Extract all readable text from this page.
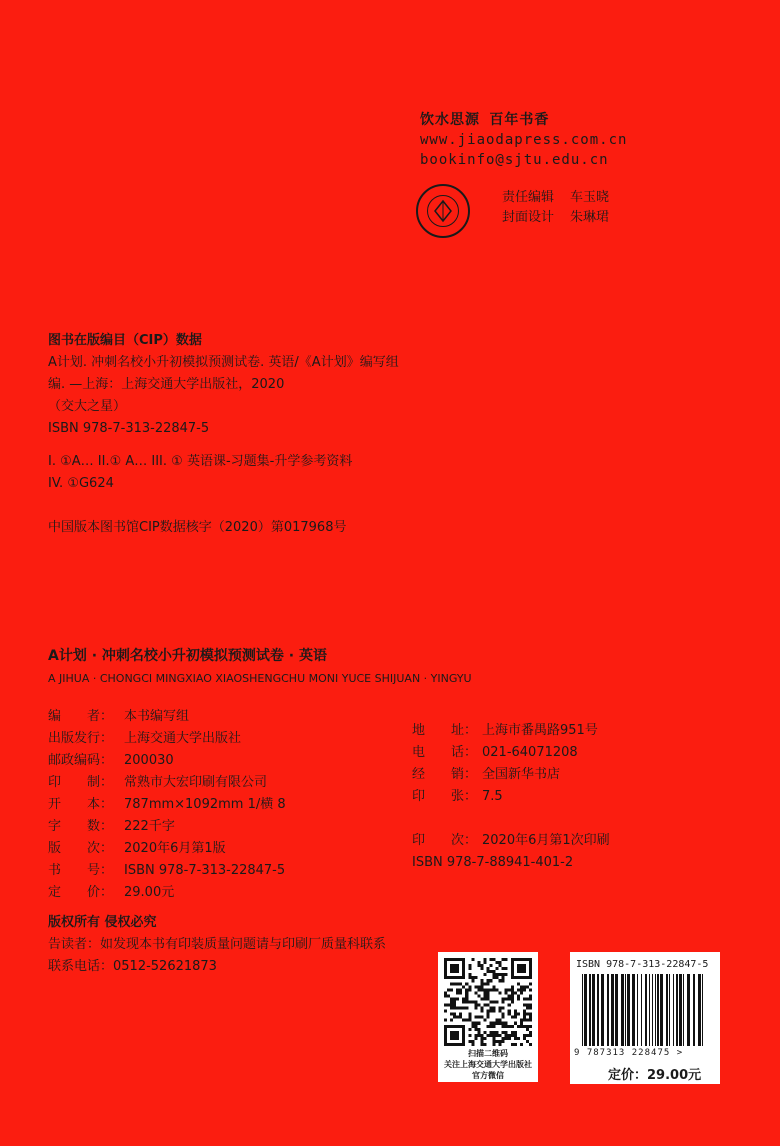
饮水思源 百年书香
www.jiaodapress.com.cn
bookinfo@sjtu.edu.cn
责任编辑 车玉晓
封面设计 朱琳珺
图书在版编目（CIP）数据
A计划. 冲刺名校小升初模拟预测试卷. 英语/《A计划》编写组
编. —上海：上海交通大学出版社，2020
（交大之星）
ISBN 978-7-313-22847-5
I. ①A… II.① A… III. ① 英语课-习题集-升学参考资料
IV. ①G624
中国版本图书馆CIP数据核字（2020）第017968号
A计划 · 冲刺名校小升初模拟预测试卷 · 英语
A JIHUA · CHONGCI MINGXIAO XIAOSHENGCHU MONI YUCE SHIJUAN · YINGYU
编　　者： 本书编写组
出版发行： 上海交通大学出版社
邮政编码： 200030
印　　制： 常熟市大宏印刷有限公司
开　　本： 787mm×1092mm 1/横 8
字　　数： 222千字
版　　次： 2020年6月第1版
书　　号： ISBN 978-7-313-22847-5
定　　价： 29.00元
地　　址： 上海市番禺路951号
电　　话： 021-64071208
经　　销： 全国新华书店
印　　张： 7.5
印　　次： 2020年6月第1次印刷
ISBN 978-7-88941-401-2
版权所有 侵权必究
告读者：如发现本书有印装质量问题请与印刷厂质量科联系
联系电话：0512-52621873
扫描二维码
关注上海交通大学出版社
官方微信
ISBN 978-7-313-22847-5
9 787313 228475 >
定价：29.00元
